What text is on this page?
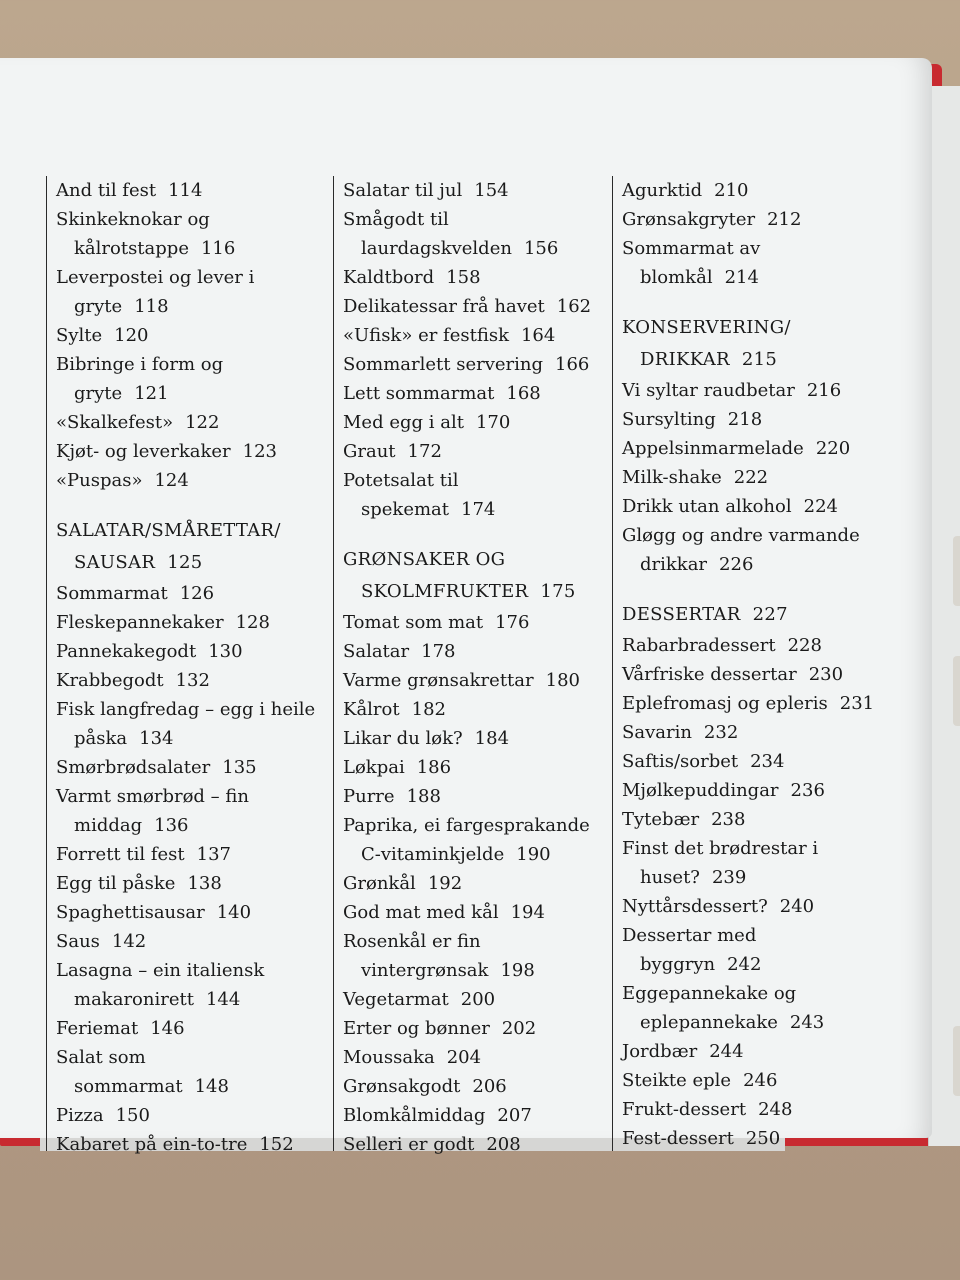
And til fest 114

Skinkeknokar og
kålrotstappe 116

Leverpostei og lever i
gryte 118

Sylte 120

Bibringe i form og
gryte 121

«Skalkefest» 122

Kjøt- og leverkaker 123

«Puspas» 124

SALATAR/SMÅRETTAR/
SAUSAR 125

Sommarmat 126

Fleskepannekaker 128

Pannekakegodt 130

Krabbegodt 132

Fisk langfredag – egg i heile
påska 134

Smørbrødsalater 135

Varmt smørbrød – fin
middag 136

Forrett til fest 137

Egg til påske 138

Spaghettisausar 140

Saus 142

Lasagna – ein italiensk
makaronirett 144

Feriemat 146

Salat som
sommarmat 148

Pizza 150

Kabaret på ein-to-tre 152

Salatar til jul 154

Smågodt til
laurdagskvelden 156

Kaldtbord 158

Delikatessar frå havet 162

«Ufisk» er festfisk 164

Sommarlett servering 166

Lett sommarmat 168

Med egg i alt 170

Graut 172

Potetsalat til
spekemat 174

GRØNSAKER OG
SKOLMFRUKTER 175

Tomat som mat 176

Salatar 178

Varme grønsakrettar 180

Kålrot 182

Likar du løk? 184

Løkpai 186

Purre 188

Paprika, ei fargesprakande
C-vitaminkjelde 190

Grønkål 192

God mat med kål 194

Rosenkål er fin
vintergrønsak 198

Vegetarmat 200

Erter og bønner 202

Moussaka 204

Grønsakgodt 206

Blomkålmiddag 207

Selleri er godt 208

Agurktid 210

Grønsakgryter 212

Sommarmat av
blomkål 214

KONSERVERING/
DRIKKAR 215

Vi syltar raudbetar 216

Sursylting 218

Appelsinmarmelade 220

Milk-shake 222

Drikk utan alkohol 224

Gløgg og andre varmande
drikkar 226

DESSERTAR 227

Rabarbradessert 228

Vårfriske dessertar 230

Eplefromasj og epleris 231

Savarin 232

Saftis/sorbet 234

Mjølkepuddingar 236

Tytebær 238

Finst det brødrestar i
huset? 239

Nyttårsdessert? 240

Dessertar med
byggryn 242

Eggepannekake og
eplepannekake 243

Jordbær 244

Steikte eple 246

Frukt-dessert 248

Fest-dessert 250
